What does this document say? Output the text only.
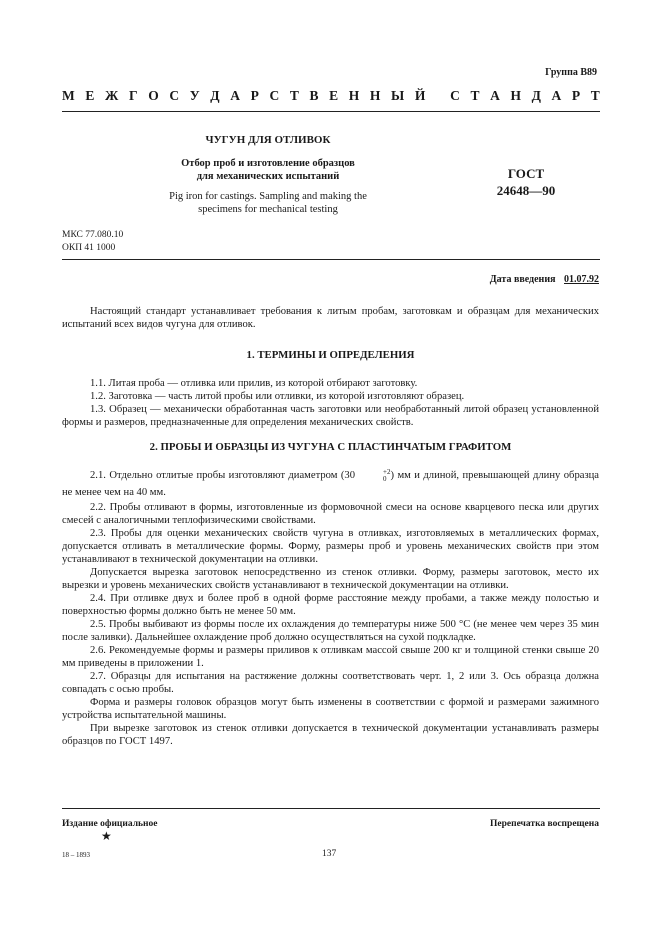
Группа В89
М Е Ж Г О С У Д А Р С Т В Е Н Н Ы Й
С Т А Н Д А Р Т
ЧУГУН ДЛЯ ОТЛИВОК
Отбор проб и изготовление образцов
для механических испытаний
Pig iron for castings. Sampling and making the
specimens for mechanical testing
ГОСТ
24648—90
МКС 77.080.10
ОКП 41 1000
Дата введения 01.07.92

Настоящий стандарт устанавливает требования к литым пробам, заготовкам и образцам для механических испытаний всех видов чугуна для отливок.

1. ТЕРМИНЫ И ОПРЕДЕЛЕНИЯ

1.1. Литая проба — отливка или прилив, из которой отбирают заготовку.

1.2. Заготовка — часть литой пробы или отливки, из которой изготовляют образец.

1.3. Образец — механически обработанная часть заготовки или необработанный литой образец установленной формы и размеров, предназначенные для определения механических свойств.

2. ПРОБЫ И ОБРАЗЦЫ ИЗ ЧУГУНА С ПЛАСТИНЧАТЫМ ГРАФИТОМ

2.1. Отдельно отлитые пробы изготовляют диаметром (30	+2
0 ) мм и длиной, превышающей длину образца не менее чем на 40 мм.

2.2. Пробы отливают в формы, изготовленные из формовочной смеси на основе кварцевого песка или других смесей с аналогичными теплофизическими свойствами.

2.3. Пробы для оценки механических свойств чугуна в отливках, изготовляемых в металлических формах, допускается отливать в металлические формы. Форму, размеры проб и уровень механических свойств при этом устанавливают в технической документации на отливки.

Допускается вырезка заготовок непосредственно из стенок отливки. Форму, размеры заготовок, место их вырезки и уровень механических свойств устанавливают в технической документации на отливки.

2.4. При отливке двух и более проб в одной форме расстояние между пробами, а также между полостью и поверхностью формы должно быть не менее 50 мм.

2.5. Пробы выбивают из формы после их охлаждения до температуры ниже 500 °С (не менее чем через 35 мин после заливки). Дальнейшее охлаждение проб должно осуществляться на сухой подкладке.

2.6. Рекомендуемые формы и размеры приливов к отливкам массой свыше 200 кг и толщиной стенки свыше 20 мм приведены в приложении 1.

2.7. Образцы для испытания на растяжение должны соответствовать черт. 1, 2 или 3. Ось образца должна совпадать с осью пробы.

Форма и размеры головок образцов могут быть изменены в соответствии с формой и размерами зажимного устройства испытательной машины.

При вырезке заготовок из стенок отливки допускается в технической документации устанавливать размеры образцов по ГОСТ 1497.

Издание официальное	Перепечатка воспрещена
★
18 – 1893	137
